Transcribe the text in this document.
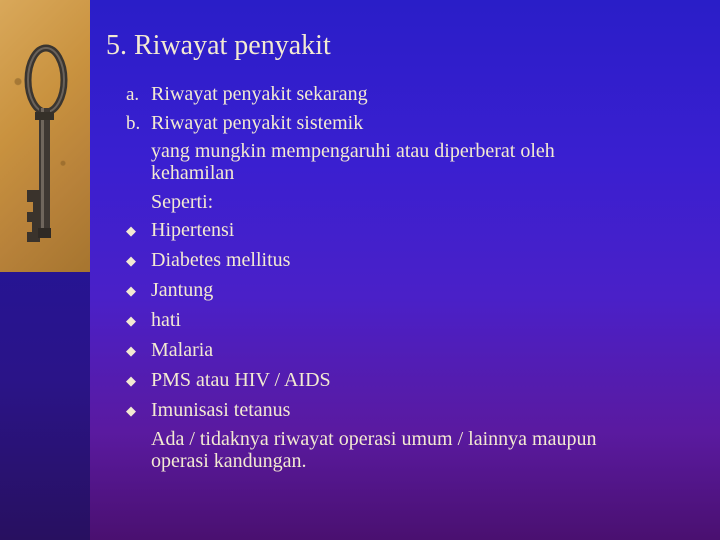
5. Riwayat penyakit
a. Riwayat penyakit sekarang
b. Riwayat penyakit sistemik
yang mungkin mempengaruhi atau diperberat oleh
kehamilan
Seperti:
◆ Hipertensi
◆ Diabetes mellitus
◆ Jantung
◆ hati
◆ Malaria
◆ PMS atau HIV / AIDS
◆ Imunisasi tetanus
Ada / tidaknya riwayat operasi umum / lainnya maupun
operasi kandungan.
